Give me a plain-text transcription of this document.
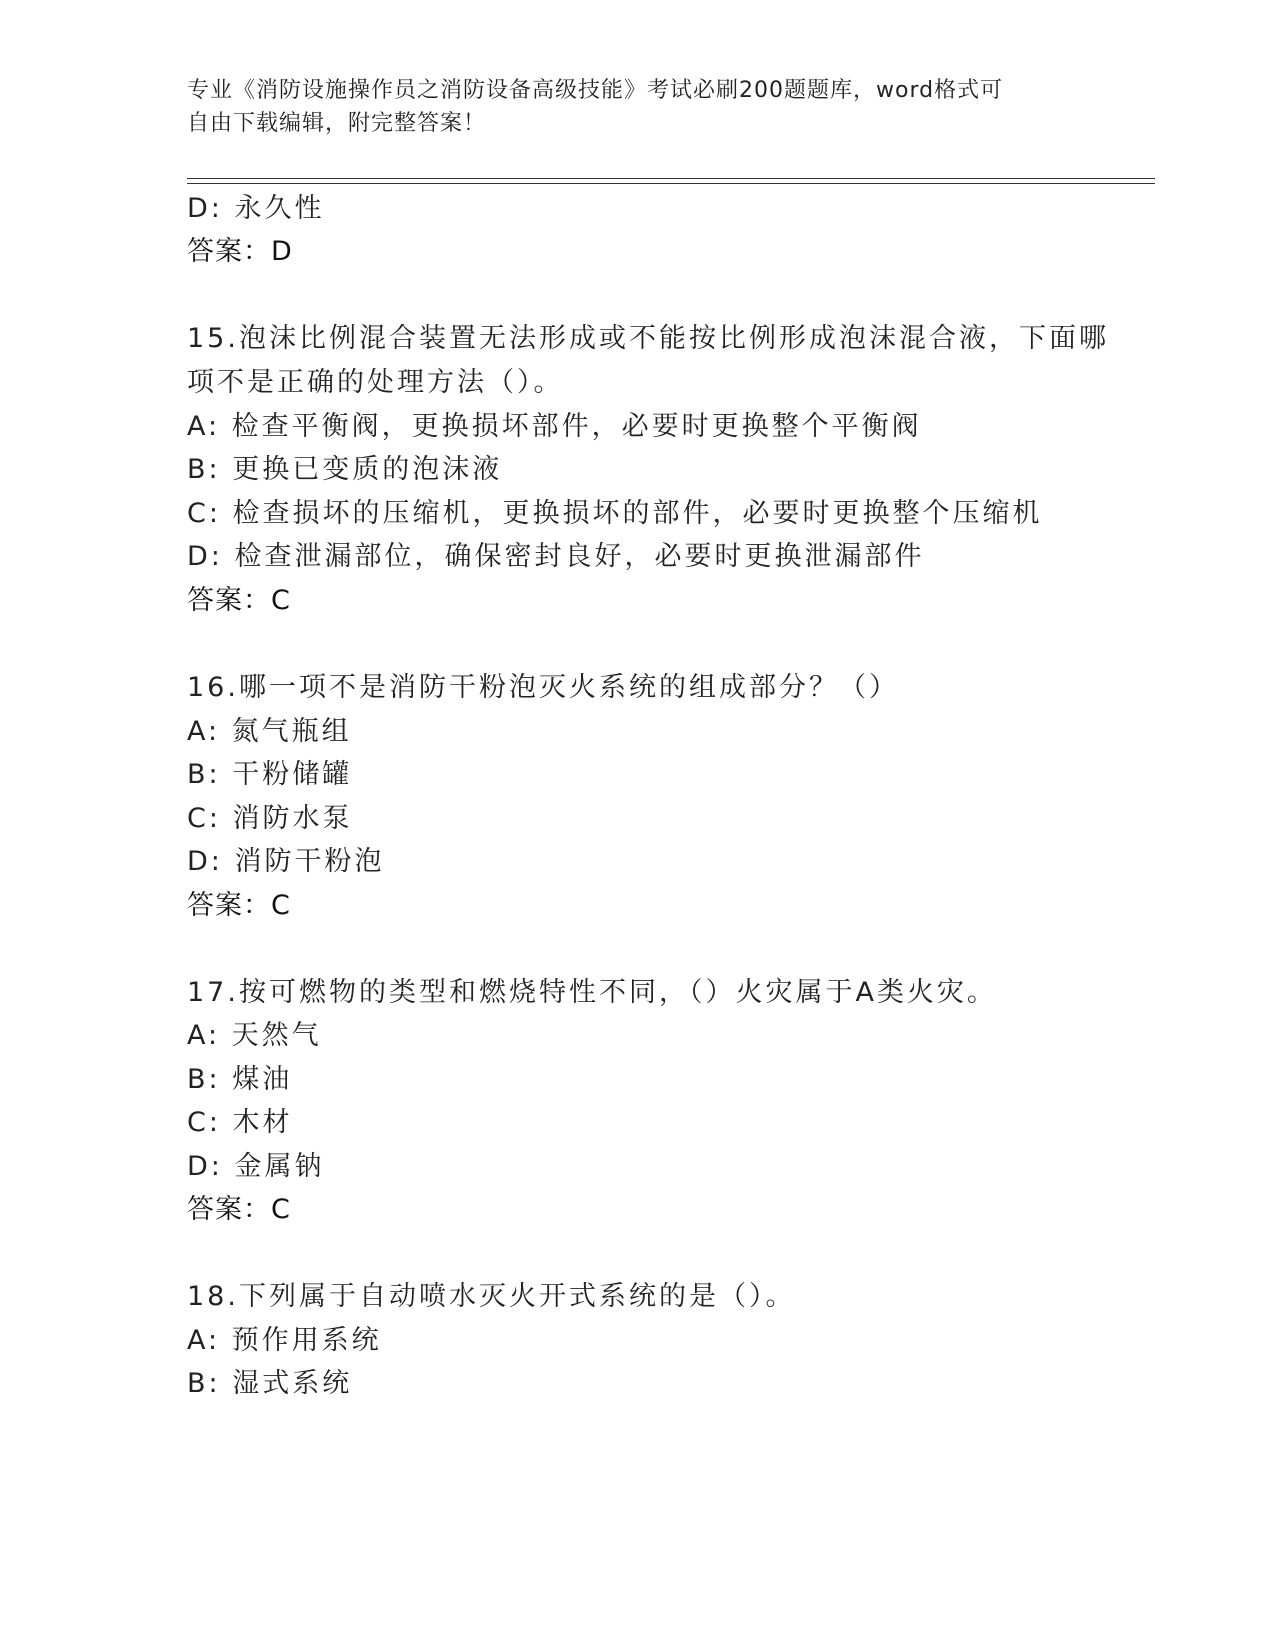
专业《消防设施操作员之消防设备高级技能》考试必刷200题题库，word格式可
自由下载编辑，附完整答案！
D: 永久性
答案：D
15.泡沫比例混合装置无法形成或不能按比例形成泡沫混合液，下面哪
项不是正确的处理方法（）。
A: 检查平衡阀，更换损坏部件，必要时更换整个平衡阀
B: 更换已变质的泡沫液
C: 检查损坏的压缩机，更换损坏的部件，必要时更换整个压缩机
D: 检查泄漏部位，确保密封良好，必要时更换泄漏部件
答案：C
16.哪一项不是消防干粉泡灭火系统的组成部分？（）
A: 氮气瓶组
B: 干粉储罐
C: 消防水泵
D: 消防干粉泡
答案：C
17.按可燃物的类型和燃烧特性不同，（）火灾属于A类火灾。
A: 天然气
B: 煤油
C: 木材
D: 金属钠
答案：C
18.下列属于自动喷水灭火开式系统的是（）。
A: 预作用系统
B: 湿式系统
